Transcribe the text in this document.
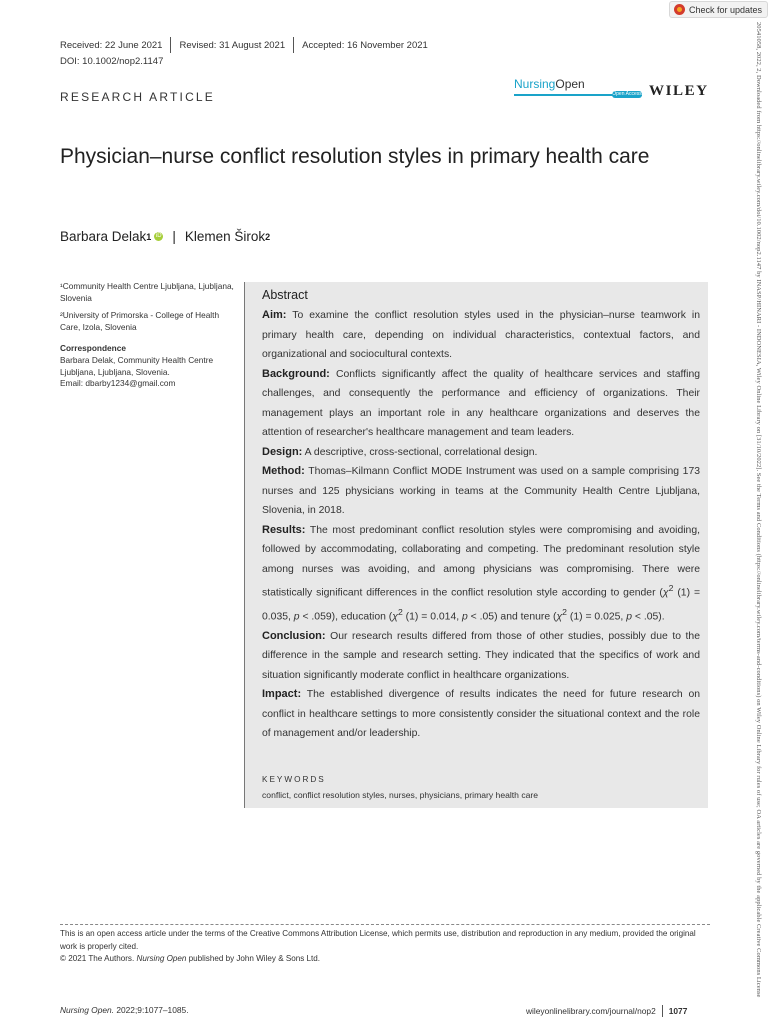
Check for updates
Received: 22 June 2021 Revised: 31 August 2021 Accepted: 16 November 2021
DOI: 10.1002/nop2.1147
RESEARCH ARTICLE
NursingOpen
Open Access WILEY
Physician–nurse conflict resolution styles in primary health care
Barbara Delak 1 iD | Klemen Širok 2

¹Community Health Centre Ljubljana, Ljubljana, Slovenia

²University of Primorska - College of Health Care, Izola, Slovenia

Correspondence

Barbara Delak, Community Health Centre Ljubljana, Ljubljana, Slovenia.

Email: dbarby1234@gmail.com

Abstract

Aim: To examine the conflict resolution styles used in the physician–nurse teamwork in primary health care, depending on individual characteristics, contextual factors, and organizational and sociocultural contexts.

Background: Conflicts significantly affect the quality of healthcare services and staffing challenges, and consequently the performance and efficiency of organizations. Their management plays an important role in any healthcare organizations and deserves the attention of researcher's healthcare management and team leaders.

Design: A descriptive, cross-sectional, correlational design.

Method: Thomas–Kilmann Conflict MODE Instrument was used on a sample comprising 173 nurses and 125 physicians working in teams at the Community Health Centre Ljubljana, Slovenia, in 2018.

Results: The most predominant conflict resolution styles were compromising and avoiding, followed by accommodating, collaborating and competing. The predominant resolution style among nurses was avoiding, and among physicians was compromising. There were statistically significant differences in the conflict resolution style according to gender ($\chi^2$ (1) = 0.035, p < .059), education ($\chi^2$ (1) = 0.014, p < .05) and tenure ($\chi^2$ (1) = 0.025, p < .05).

Conclusion: Our research results differed from those of other studies, possibly due to the difference in the sample and research setting. They indicated that the specifics of work and situation significantly moderate conflict in healthcare organizations.

Impact: The established divergence of results indicates the need for future research on conflict in healthcare settings to more consistently consider the situational context and the role of management and/or leadership.

KEYWORDS
conflict, conflict resolution styles, nurses, physicians, primary health care

This is an open access article under the terms of the Creative Commons Attribution License, which permits use, distribution and reproduction in any medium, provided the original work is properly cited.

© 2021 The Authors. Nursing Open published by John Wiley & Sons Ltd.

Nursing Open. 2022;9:1077–1085.	wileyonlinelibrary.com/journal/nop2 1077
20541058, 2022, 2, Downloaded from https://onlinelibrary.wiley.com/doi/10.1002/nop2.1147 by INASP/HINARI - INDONESIA, Wiley Online Library on [31/10/2022]. See the Terms and Conditions (https://onlinelibrary.wiley.com/terms-and-conditions) on Wiley Online Library for rules of use; OA articles are governed by the applicable Creative Commons License
